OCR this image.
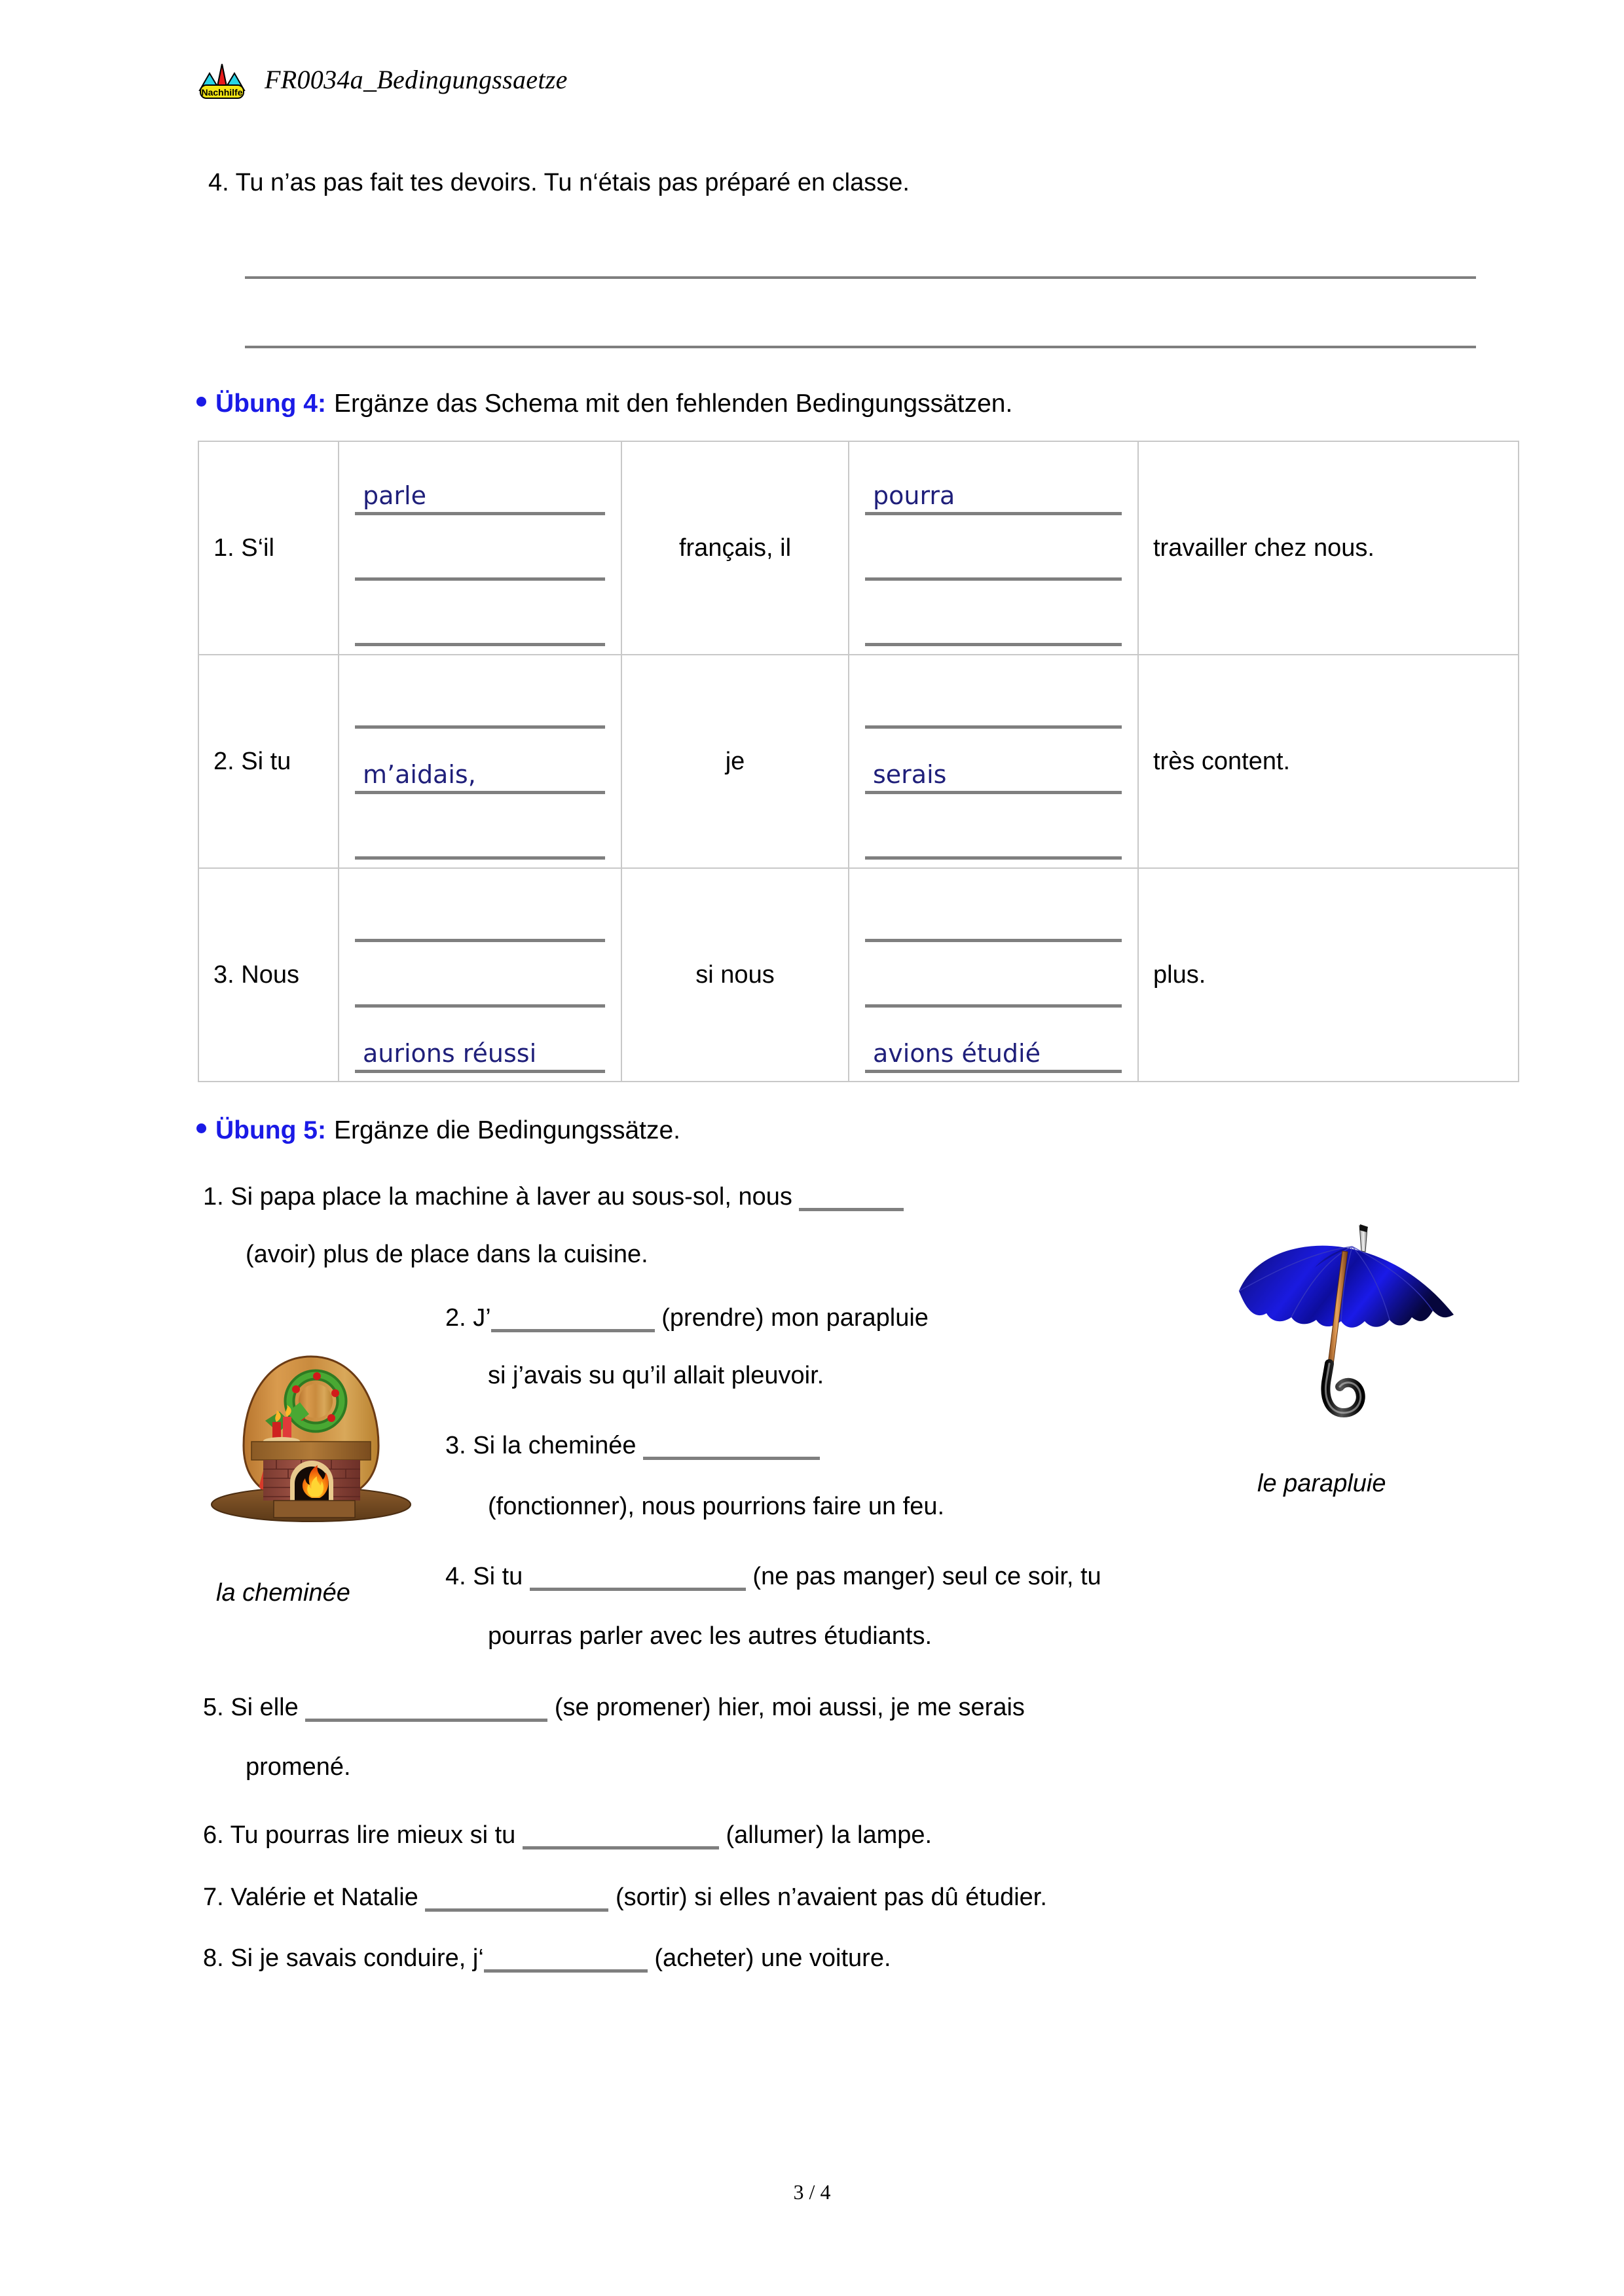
Nachhilfe FR0034a_Bedingungssaetze
4. Tu n’as pas fait tes devoirs. Tu n‘étais pas préparé en classe.
Übung 4: Ergänze das Schema mit den fehlenden Bedingungssätzen.
1. S‘il	parle	français, il	pourra	travailler chez nous.
2. Si tu	m’aidais,	je	serais	très content.
3. Nous	aurions réussi	si nous	avions étudié	plus.
Übung 5: Ergänze die Bedingungssätze.
1. Si papa place la machine à laver au sous-sol, nous
(avoir) plus de place dans la cuisine.
2. J’	(prendre) mon parapluie
si j’avais su qu’il allait pleuvoir.
3. Si la cheminée
(fonctionner), nous pourrions faire un feu.
4. Si tu	(ne pas manger) seul ce soir, tu
pourras parler avec les autres étudiants.
5. Si elle	(se promener) hier, moi aussi, je me serais
promené.
6. Tu pourras lire mieux si tu	(allumer) la lampe.
7. Valérie et Natalie	(sortir) si elles n’avaient pas dû étudier.
8. Si je savais conduire, j‘	(acheter) une voiture.
la cheminée
le parapluie
3 / 4
